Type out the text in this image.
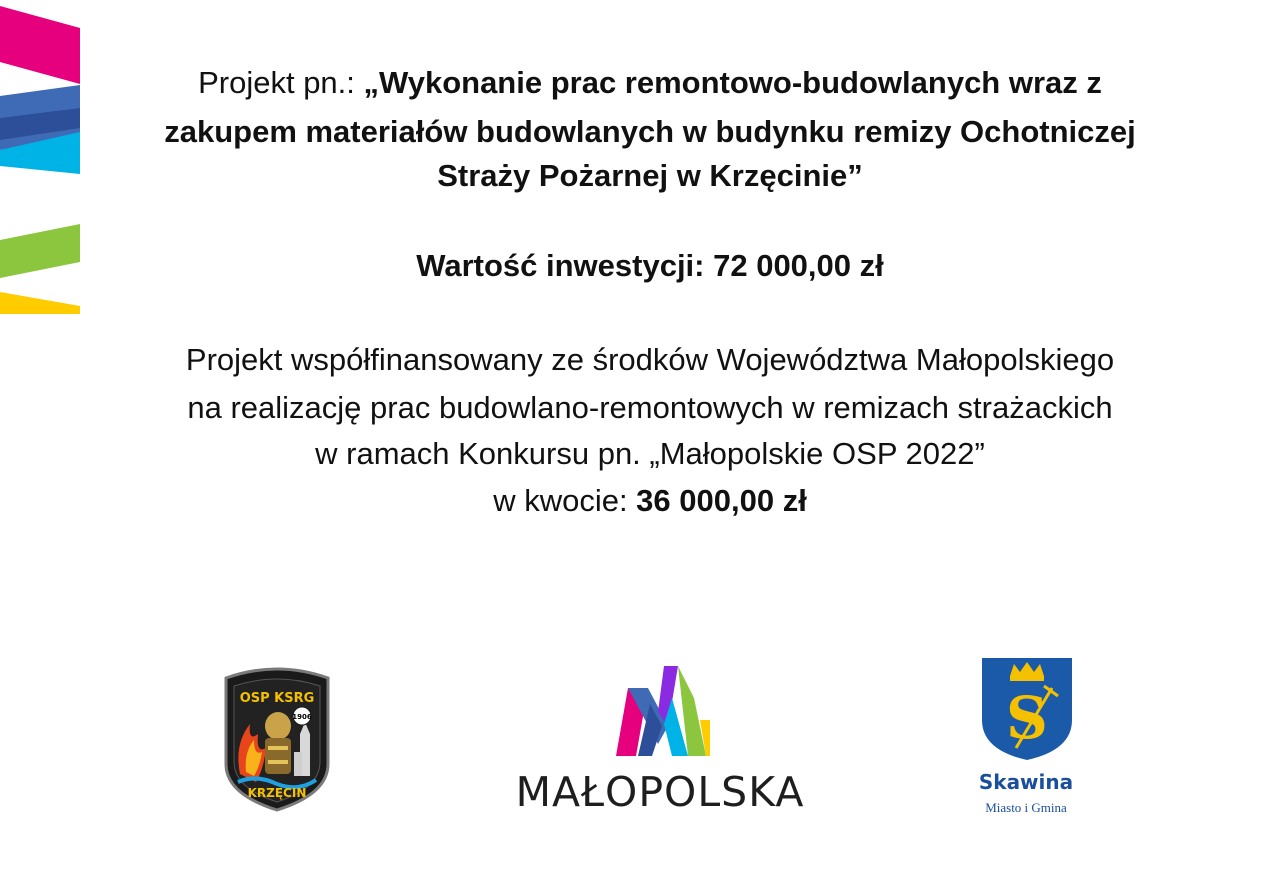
Projekt pn.: „Wykonanie prac remontowo-budowlanych wraz z
zakupem materiałów budowlanych w budynku remizy Ochotniczej
Straży Pożarnej w Krzęcinie”
Wartość inwestycji: 72 000,00 zł
Projekt współfinansowany ze środków Województwa Małopolskiego
na realizację prac budowlano-remontowych w remizach strażackich
w ramach Konkursu pn. „Małopolskie OSP 2022”
w kwocie: 36 000,00 zł
1906
OSP KSRG
KRZĘCIN	MAŁOPOLSKA
S
Skawina
Miasto i Gmina
